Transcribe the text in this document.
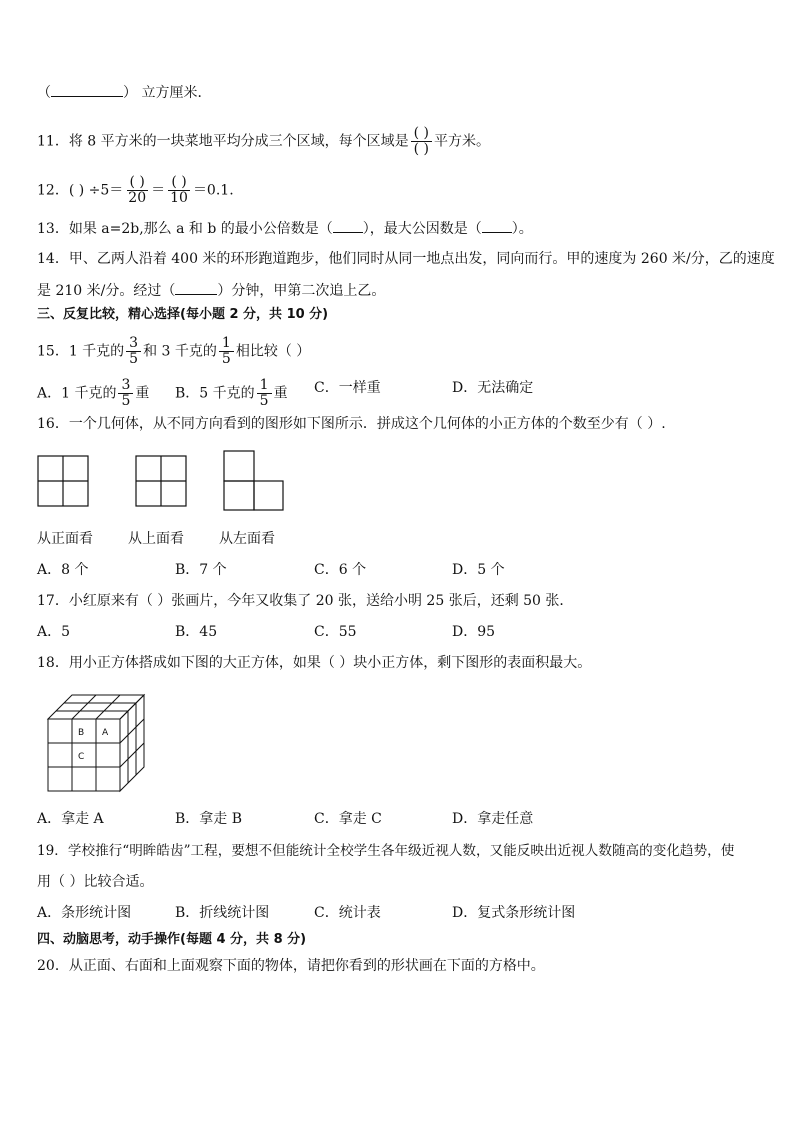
（	） 立方厘米．
11．将 8 平方米的一块菜地平均分成三个区域，每个区域是 $\frac{( )}{( )}$ 平方米。
12．( ) $\div 5= \frac{( )}{20} = \frac{( )}{10} =0.1$.
13．如果 a=2b,那么 a 和 b 的最小公倍数是（ ），最大公因数是（ ）。
14．甲、乙两人沿着 400 米的环形跑道跑步，他们同时从同一地点出发，同向而行。甲的速度为 260 米/分，乙的速度
是 210 米/分。经过（	）分钟，甲第二次追上乙。
三、反复比较，精心选择(每小题 2 分，共 10 分)
15．1 千克的 $\frac{3}{5}$ 和 3 千克的 $\frac{1}{5}$ 相比较（ ）
A．1 千克的 $\frac{3}{5}$ 重 B．5 千克的 $\frac{1}{5}$ 重 C．一样重	D．无法确定
16．一个几何体，从不同方向看到的图形如下图所示．拼成这个几何体的小正方体的个数至少有（ ）.
从正面看	从上面看	从左面看
A．8 个	B．7 个	C．6 个	D．5 个
17．小红原来有（ ）张画片，今年又收集了 20 张，送给小明 25 张后，还剩 50 张．
A．5	B．45	C．55	D．95
18．用小正方体搭成如下图的大正方体，如果（ ）块小正方体，剩下图形的表面积最大。
B A
C
A．拿走 A	B．拿走 B	C．拿走 C	D．拿走任意
19．学校推行“明眸皓齿”工程，要想不但能统计全校学生各年级近视人数，又能反映出近视人数随高的变化趋势，使
用（ ）比较合适。
A．条形统计图	B．折线统计图	C．统计表	D．复式条形统计图
四、动脑思考，动手操作(每题 4 分，共 8 分)
20．从正面、右面和上面观察下面的物体，请把你看到的形状画在下面的方格中。
